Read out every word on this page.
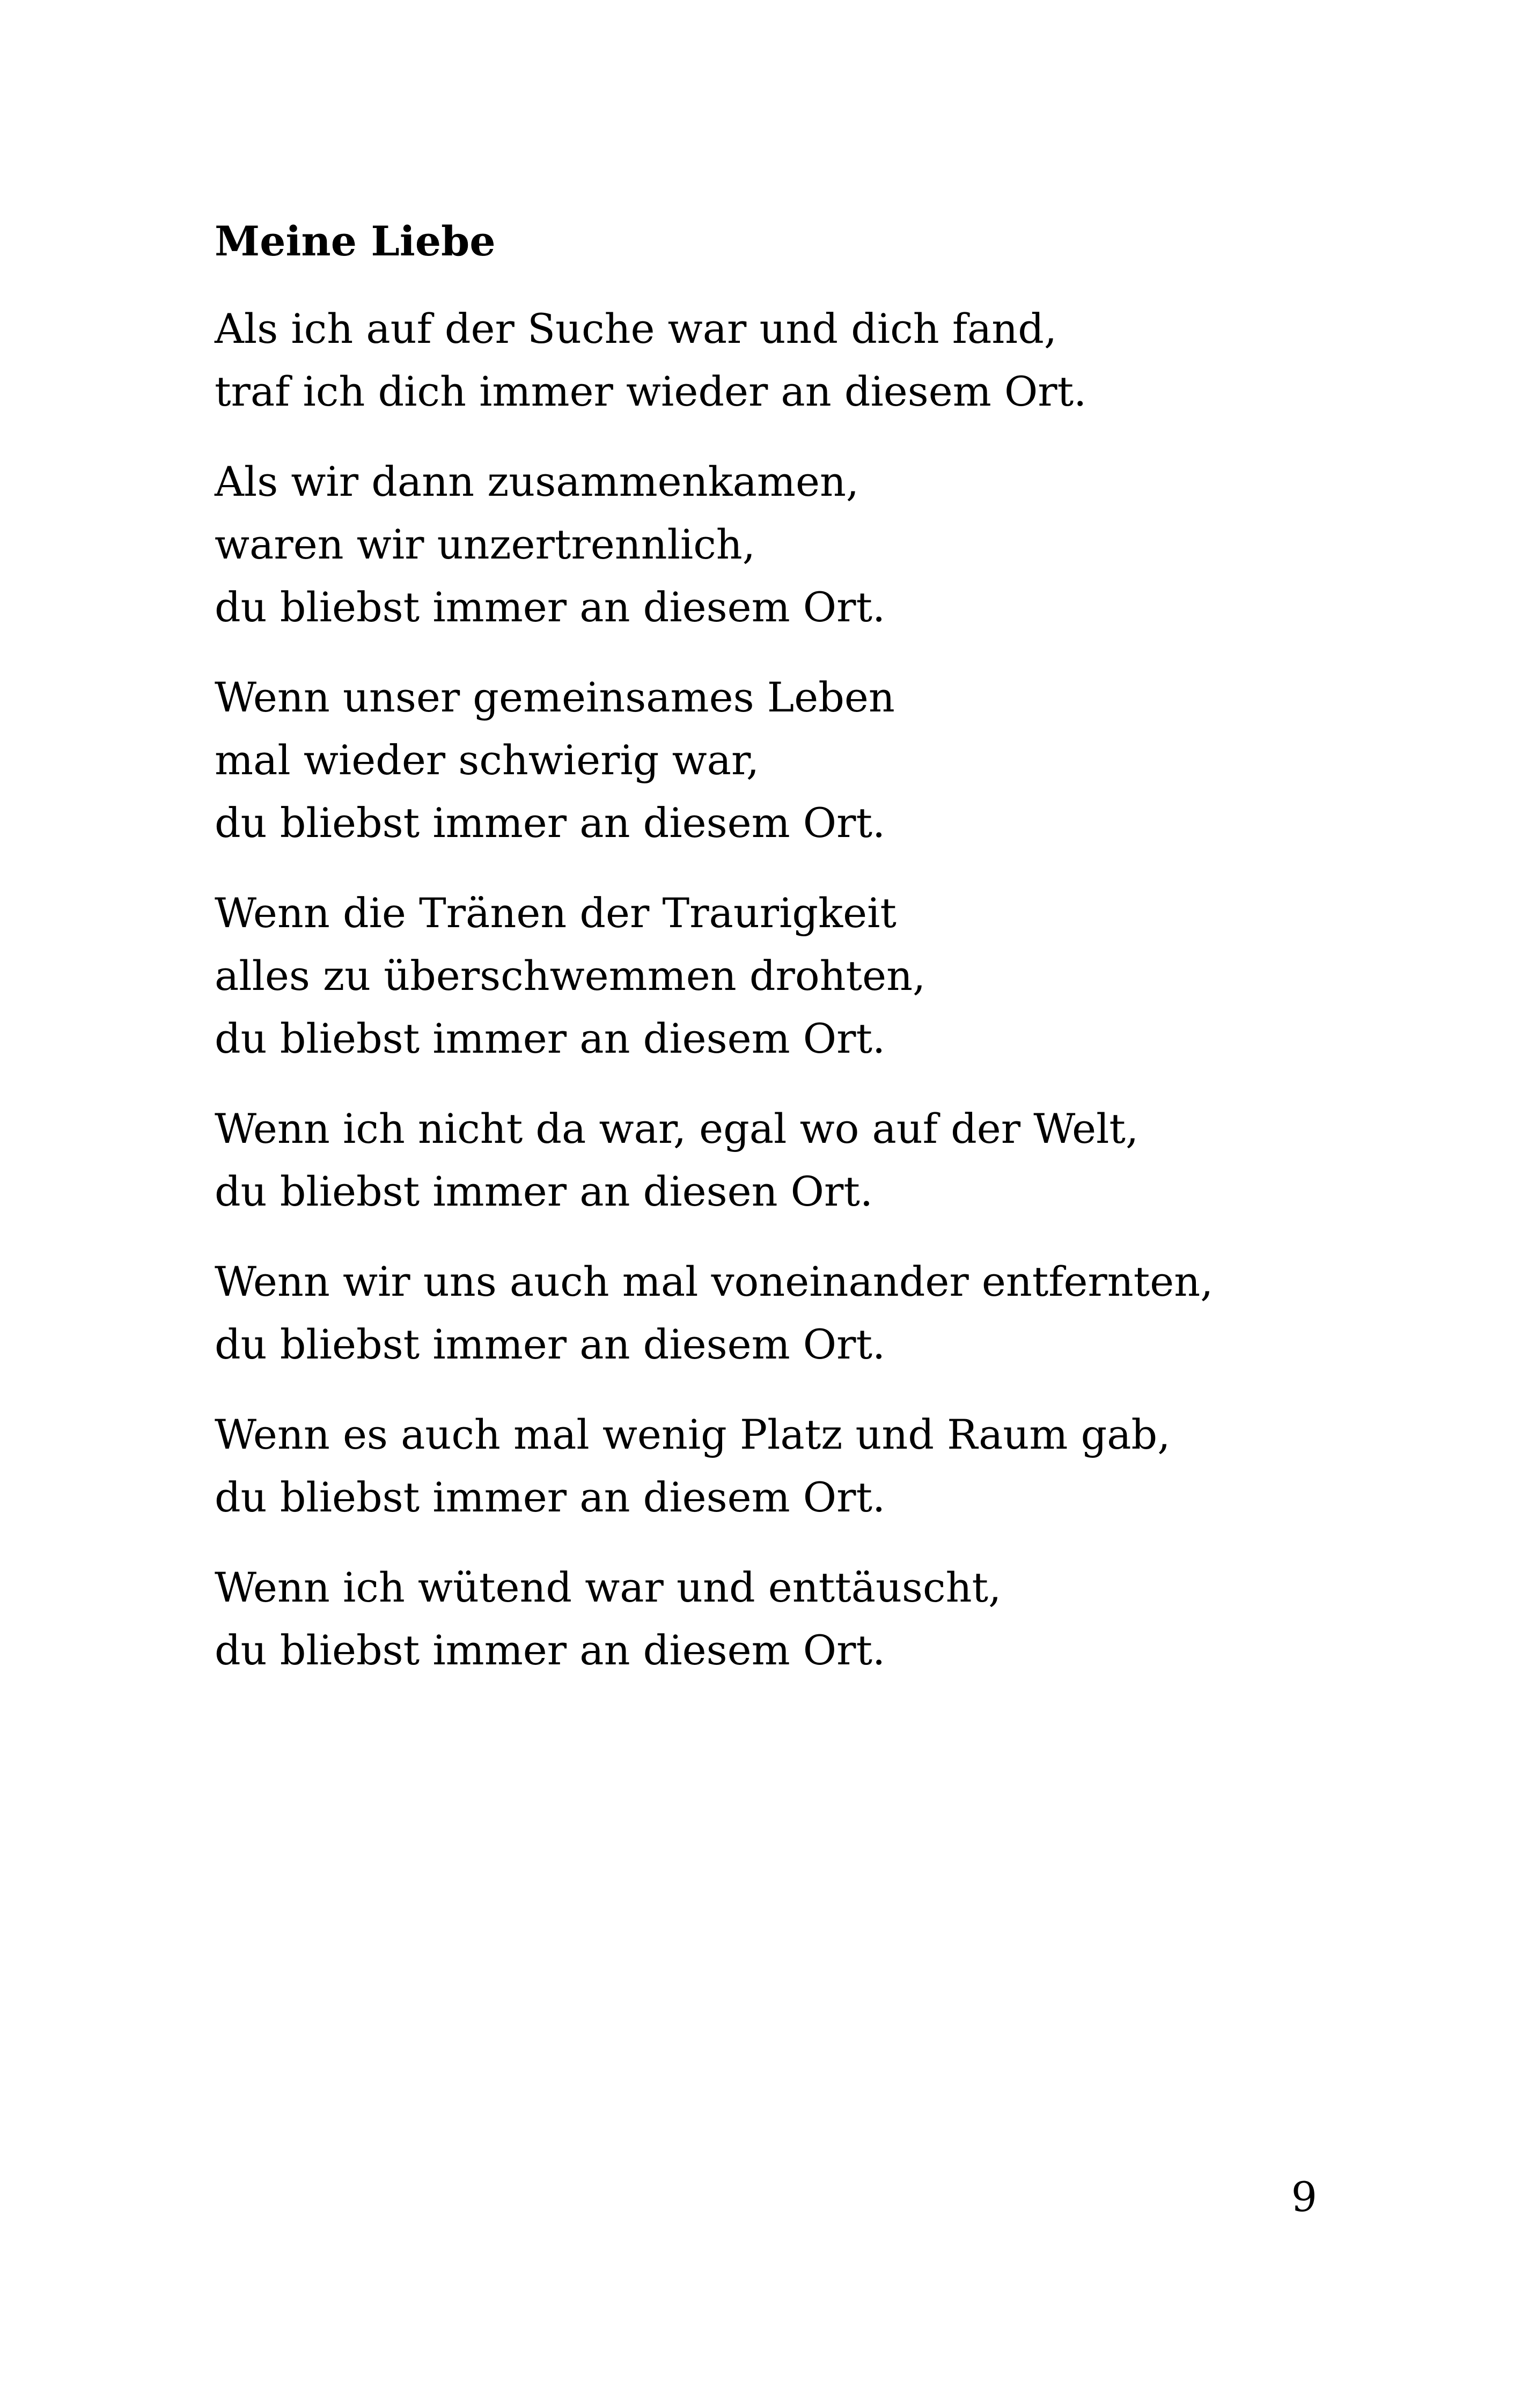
Meine Liebe

Als ich auf der Suche war und dich fand,
traf ich dich immer wieder an diesem Ort.

Als wir dann zusammenkamen,
waren wir unzertrennlich,
du bliebst immer an diesem Ort.

Wenn unser gemeinsames Leben
mal wieder schwierig war,
du bliebst immer an diesem Ort.

Wenn die Tränen der Traurigkeit
alles zu überschwemmen drohten,
du bliebst immer an diesem Ort.

Wenn ich nicht da war, egal wo auf der Welt,
du bliebst immer an diesen Ort.

Wenn wir uns auch mal voneinander entfernten,
du bliebst immer an diesem Ort.

Wenn es auch mal wenig Platz und Raum gab,
du bliebst immer an diesem Ort.

Wenn ich wütend war und enttäuscht,
du bliebst immer an diesem Ort.

9
